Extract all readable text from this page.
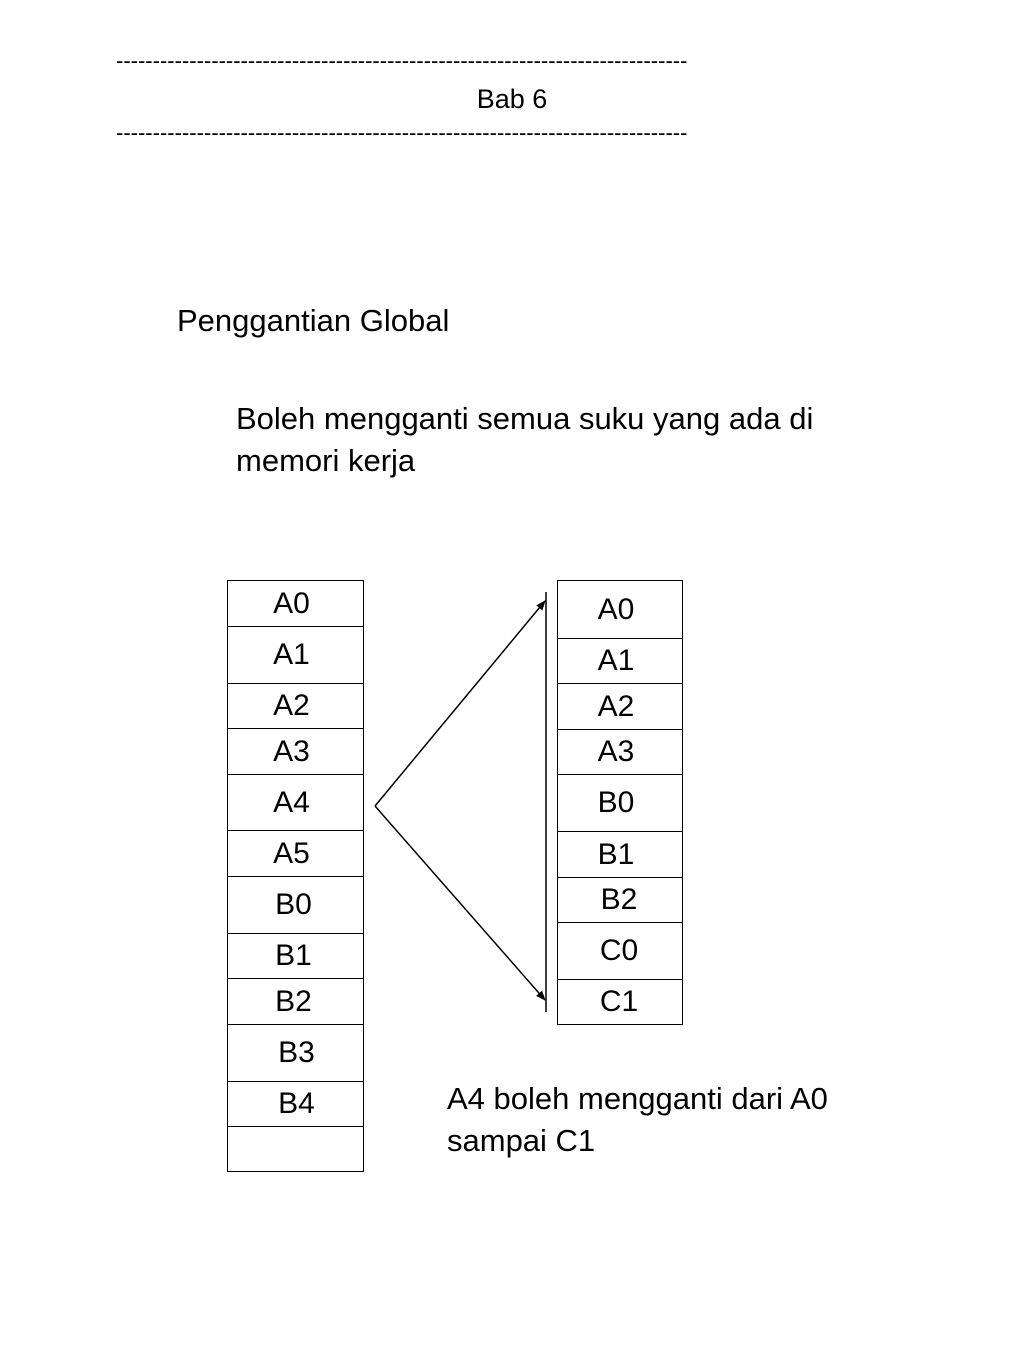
------------------------------------------------------------------------------
Bab 6
------------------------------------------------------------------------------
Penggantian Global
Boleh mengganti semua suku yang ada di memori kerja
A0
A1
A2
A3
A4
A5
B0
B1
B2
B3
B4
A0
A1
A2
A3
B0
B1
B2
C0
C1
A4 boleh mengganti dari A0 sampai C1
